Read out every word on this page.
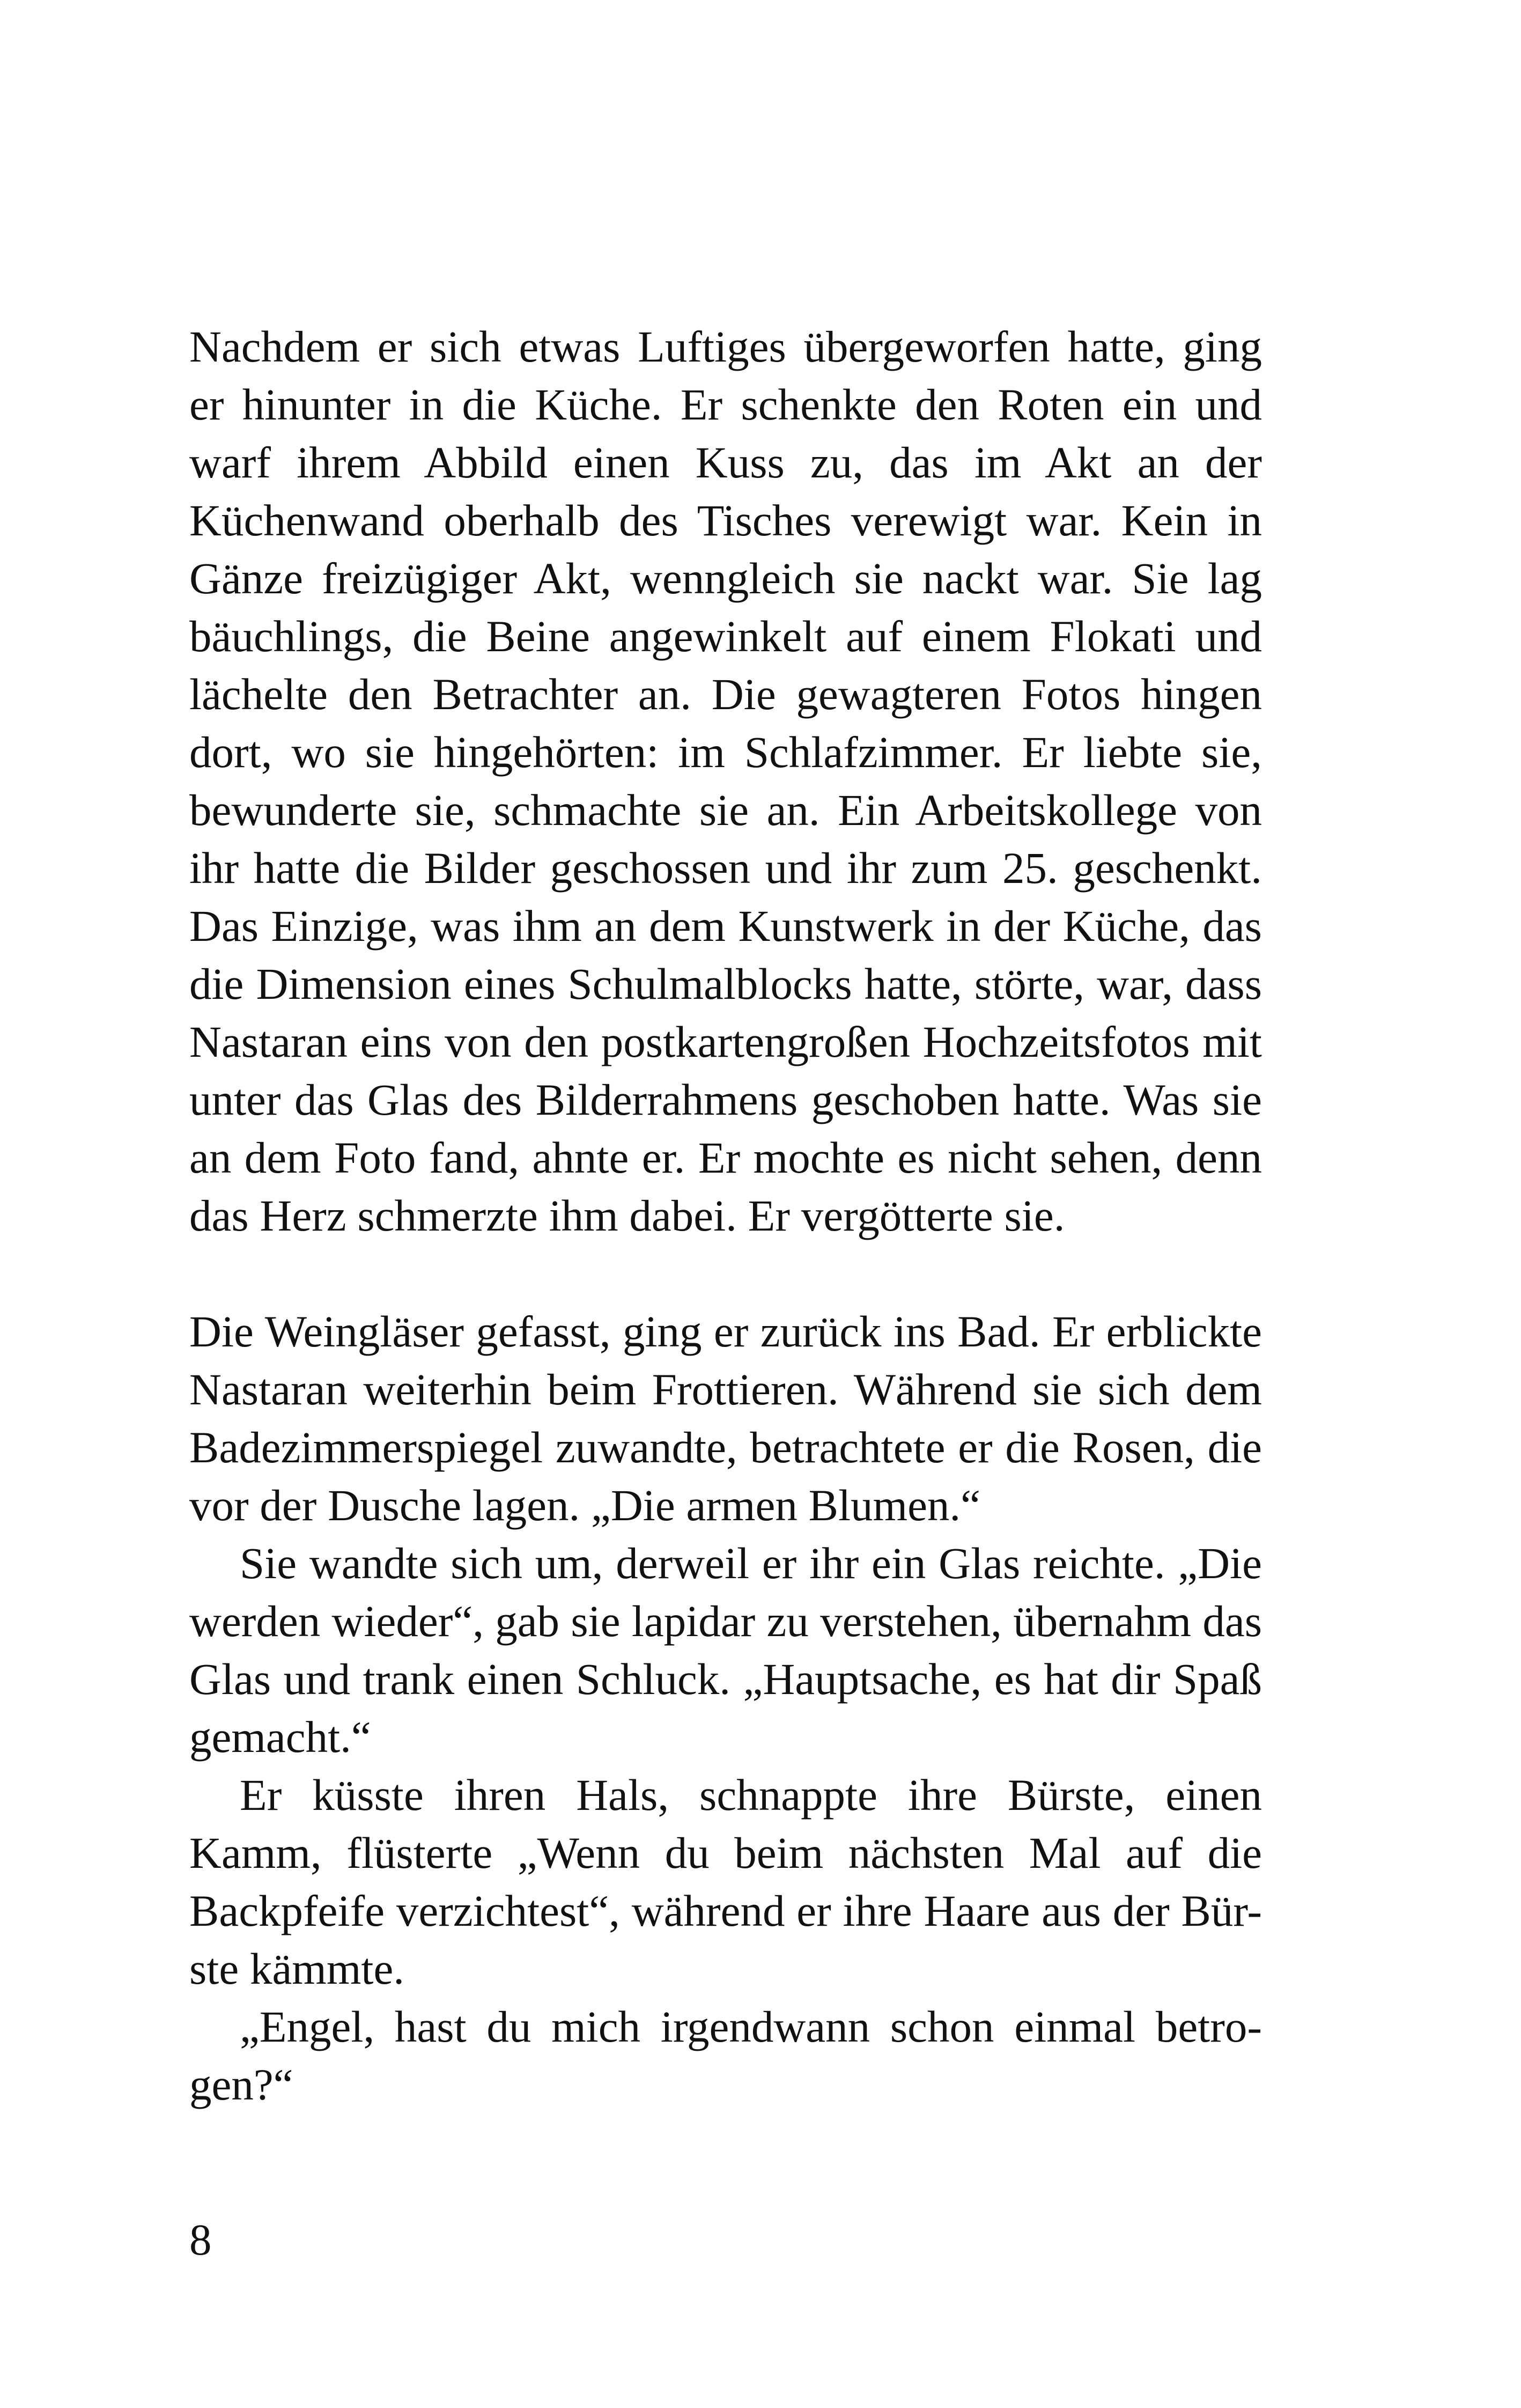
Nachdem er sich etwas Luftiges übergeworfen hatte, ging
er hinunter in die Küche. Er schenkte den Roten ein und
warf ihrem Abbild einen Kuss zu, das im Akt an der
Küchenwand oberhalb des Tisches verewigt war. Kein in
Gänze freizügiger Akt, wenngleich sie nackt war. Sie lag
bäuchlings, die Beine angewinkelt auf einem Flokati und
lächelte den Betrachter an. Die gewagteren Fotos hingen
dort, wo sie hingehörten: im Schlafzimmer. Er liebte sie,
bewunderte sie, schmachte sie an. Ein Arbeitskollege von
ihr hatte die Bilder geschossen und ihr zum 25. geschenkt.
Das Einzige, was ihm an dem Kunstwerk in der Küche, das
die Dimension eines Schulmalblocks hatte, störte, war, dass
Nastaran eins von den postkartengroßen Hochzeitsfotos mit
unter das Glas des Bilderrahmens geschoben hatte. Was sie
an dem Foto fand, ahnte er. Er mochte es nicht sehen, denn
das Herz schmerzte ihm dabei. Er vergötterte sie.
Die Weingläser gefasst, ging er zurück ins Bad. Er erblickte
Nastaran weiterhin beim Frottieren. Während sie sich dem
Badezimmerspiegel zuwandte, betrachtete er die Rosen, die
vor der Dusche lagen. „Die armen Blumen.“
Sie wandte sich um, derweil er ihr ein Glas reichte. „Die
werden wieder“, gab sie lapidar zu verstehen, übernahm das
Glas und trank einen Schluck. „Hauptsache, es hat dir Spaß
gemacht.“
Er küsste ihren Hals, schnappte ihre Bürste, einen
Kamm, flüsterte „Wenn du beim nächsten Mal auf die
Backpfeife verzichtest“, während er ihre Haare aus der Bür-
ste kämmte.
„Engel, hast du mich irgendwann schon einmal betro-
gen?“
8
